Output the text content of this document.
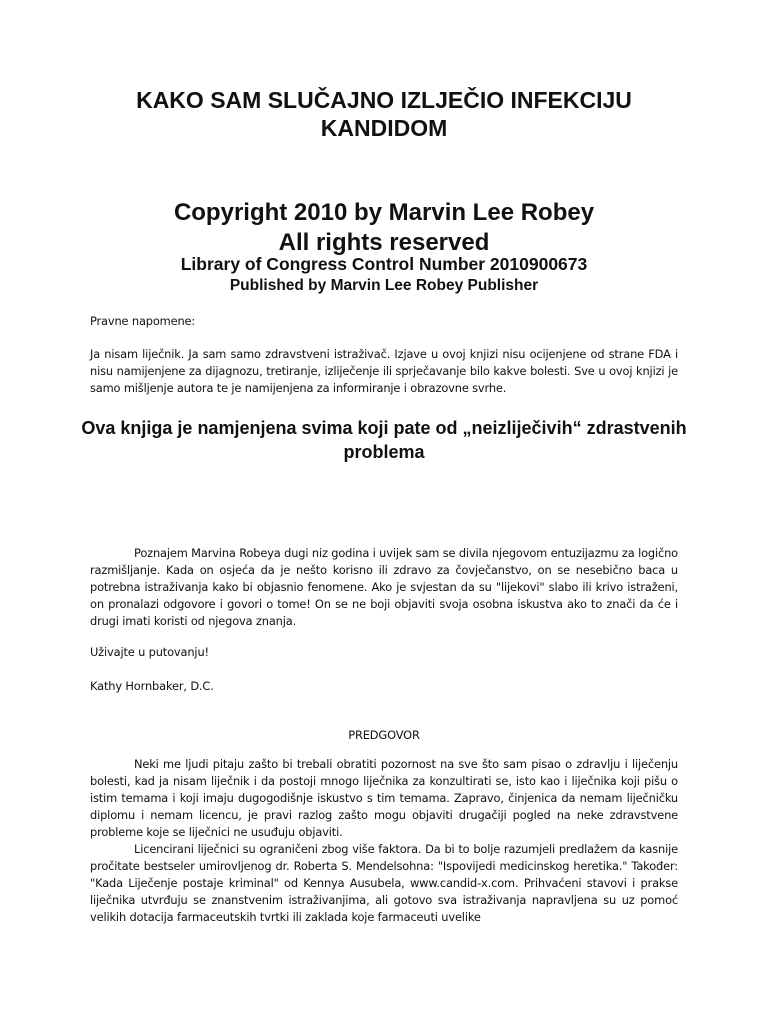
KAKO SAM SLUČAJNO IZLJEČIO INFEKCIJU KANDIDOM
Copyright 2010 by Marvin Lee Robey
All rights reserved
Library of Congress Control Number 2010900673
Published by Marvin Lee Robey Publisher

Pravne napomene:

Ja nisam liječnik. Ja sam samo zdravstveni istraživač. Izjave u ovoj knjizi nisu ocijenjene od strane FDA i nisu namijenjene za dijagnozu, tretiranje, izliječenje ili sprječavanje bilo kakve bolesti. Sve u ovoj knjizi je samo mišljenje autora te je namijenjena za informiranje i obrazovne svrhe.

Ova knjiga je namjenjena svima koji pate od „neizliječivih“ zdrastvenih problema

Poznajem Marvina Robeya dugi niz godina i uvijek sam se divila njegovom entuzijazmu za logično razmišljanje. Kada on osjeća da je nešto korisno ili zdravo za čovječanstvo, on se nesebično baca u potrebna istraživanja kako bi objasnio fenomene. Ako je svjestan da su "lijekovi" slabo ili krivo istraženi, on pronalazi odgovore i govori o tome! On se ne boji objaviti svoja osobna iskustva ako to znači da će i drugi imati koristi od njegova znanja.

Uživajte u putovanju!

Kathy Hornbaker, D.C.

PREDGOVOR

Neki me ljudi pitaju zašto bi trebali obratiti pozornost na sve što sam pisao o zdravlju i liječenju bolesti, kad ja nisam liječnik i da postoji mnogo liječnika za konzultirati se, isto kao i liječnika koji pišu o istim temama i koji imaju dugogodišnje iskustvo s tim temama. Zapravo, činjenica da nemam liječničku diplomu i nemam licencu, je pravi razlog zašto mogu objaviti drugačiji pogled na neke zdravstvene probleme koje se liječnici ne usuđuju objaviti.

Licencirani liječnici su ograničeni zbog više faktora. Da bi to bolje razumjeli predlažem da kasnije pročitate bestseler umirovljenog dr. Roberta S. Mendelsohna: "Ispovijedi medicinskog heretika." Također: "Kada Liječenje postaje kriminal" od Kennya Ausubela, www.candid-x.com. Prihvaćeni stavovi i prakse liječnika utvrđuju se znanstvenim istraživanjima, ali gotovo sva istraživanja napravljena su uz pomoć velikih dotacija farmaceutskih tvrtki ili zaklada koje farmaceuti uvelike
